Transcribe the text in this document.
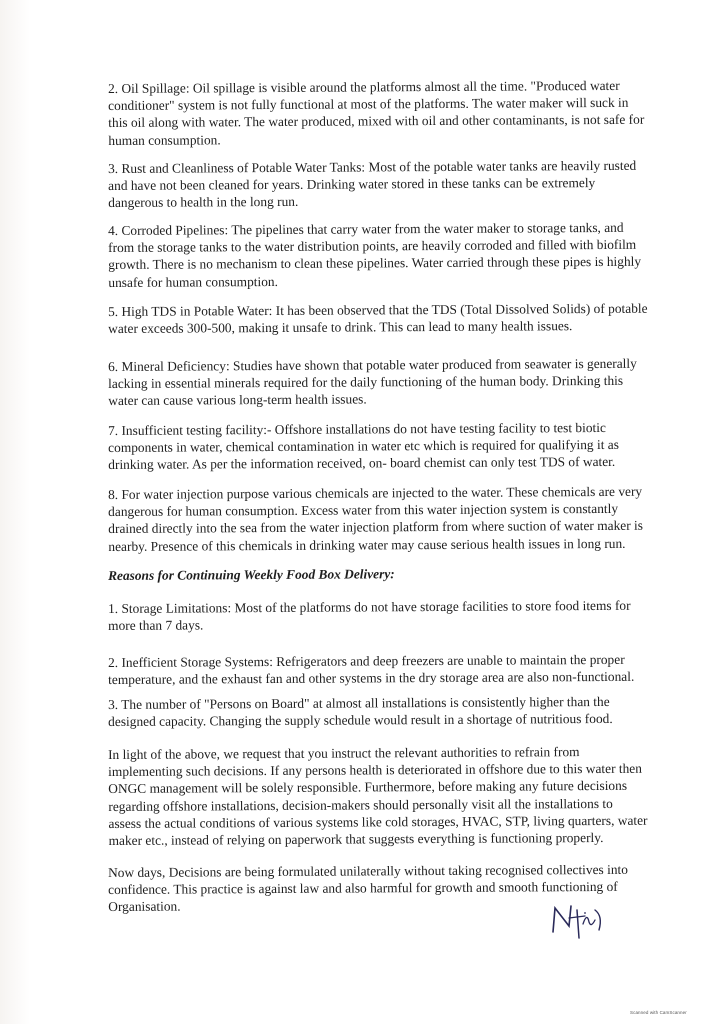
2. Oil Spillage: Oil spillage is visible around the platforms almost all the time. "Produced water conditioner" system is not fully functional at most of the platforms. The water maker will suck in this oil along with water. The water produced, mixed with oil and other contaminants, is not safe for human consumption.

3. Rust and Cleanliness of Potable Water Tanks: Most of the potable water tanks are heavily rusted and have not been cleaned for years. Drinking water stored in these tanks can be extremely dangerous to health in the long run.

4. Corroded Pipelines: The pipelines that carry water from the water maker to storage tanks, and from the storage tanks to the water distribution points, are heavily corroded and filled with biofilm growth. There is no mechanism to clean these pipelines. Water carried through these pipes is highly unsafe for human consumption.

5. High TDS in Potable Water: It has been observed that the TDS (Total Dissolved Solids) of potable water exceeds 300-500, making it unsafe to drink. This can lead to many health issues.

6. Mineral Deficiency: Studies have shown that potable water produced from seawater is generally lacking in essential minerals required for the daily functioning of the human body. Drinking this water can cause various long-term health issues.

7. Insufficient testing facility:- Offshore installations do not have testing facility to test biotic components in water, chemical contamination in water etc which is required for qualifying it as drinking water. As per the information received, on- board chemist can only test TDS of water.

8. For water injection purpose various chemicals are injected to the water. These chemicals are very dangerous for human consumption. Excess water from this water injection system is constantly drained directly into the sea from the water injection platform from where suction of water maker is nearby. Presence of this chemicals in drinking water may cause serious health issues in long run.

Reasons for Continuing Weekly Food Box Delivery:

1. Storage Limitations: Most of the platforms do not have storage facilities to store food items for more than 7 days.

2. Inefficient Storage Systems: Refrigerators and deep freezers are unable to maintain the proper temperature, and the exhaust fan and other systems in the dry storage area are also non-functional.

3. The number of "Persons on Board" at almost all installations is consistently higher than the designed capacity. Changing the supply schedule would result in a shortage of nutritious food.

In light of the above, we request that you instruct the relevant authorities to refrain from implementing such decisions. If any persons health is deteriorated in offshore due to this water then ONGC management will be solely responsible. Furthermore, before making any future decisions regarding offshore installations, decision-makers should personally visit all the installations to assess the actual conditions of various systems like cold storages, HVAC, STP, living quarters, water maker etc., instead of relying on paperwork that suggests everything is functioning properly.

Now days, Decisions are being formulated unilaterally without taking recognised collectives into confidence. This practice is against law and also harmful for growth and smooth functioning of Organisation.

Scanned with CamScanner
